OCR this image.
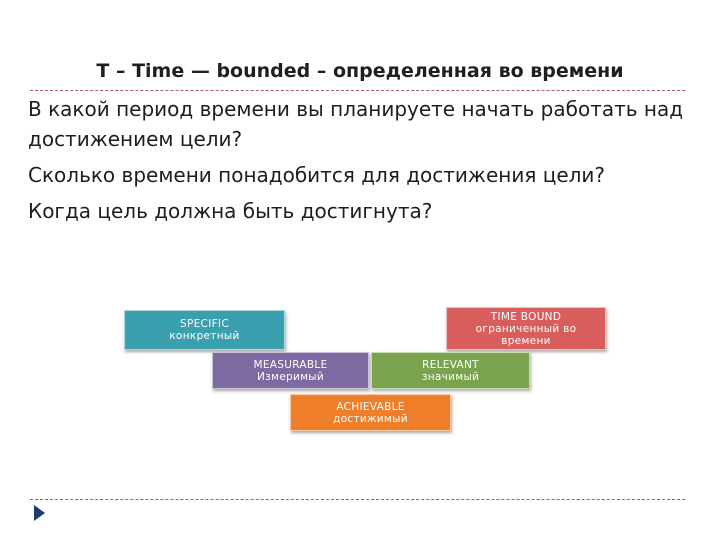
T – Time — bounded – определенная во времени

В какой период времени вы планируете начать работать над достижением цели?

Сколько времени понадобится для достижения цели?

Когда цель должна быть достигнута?

SPECIFIC
конкретный
TIME BOUND
ограниченный во времени
MEASURABLE
Измеримый
RELEVANT
значимый
ACHIEVABLE
достижимый
